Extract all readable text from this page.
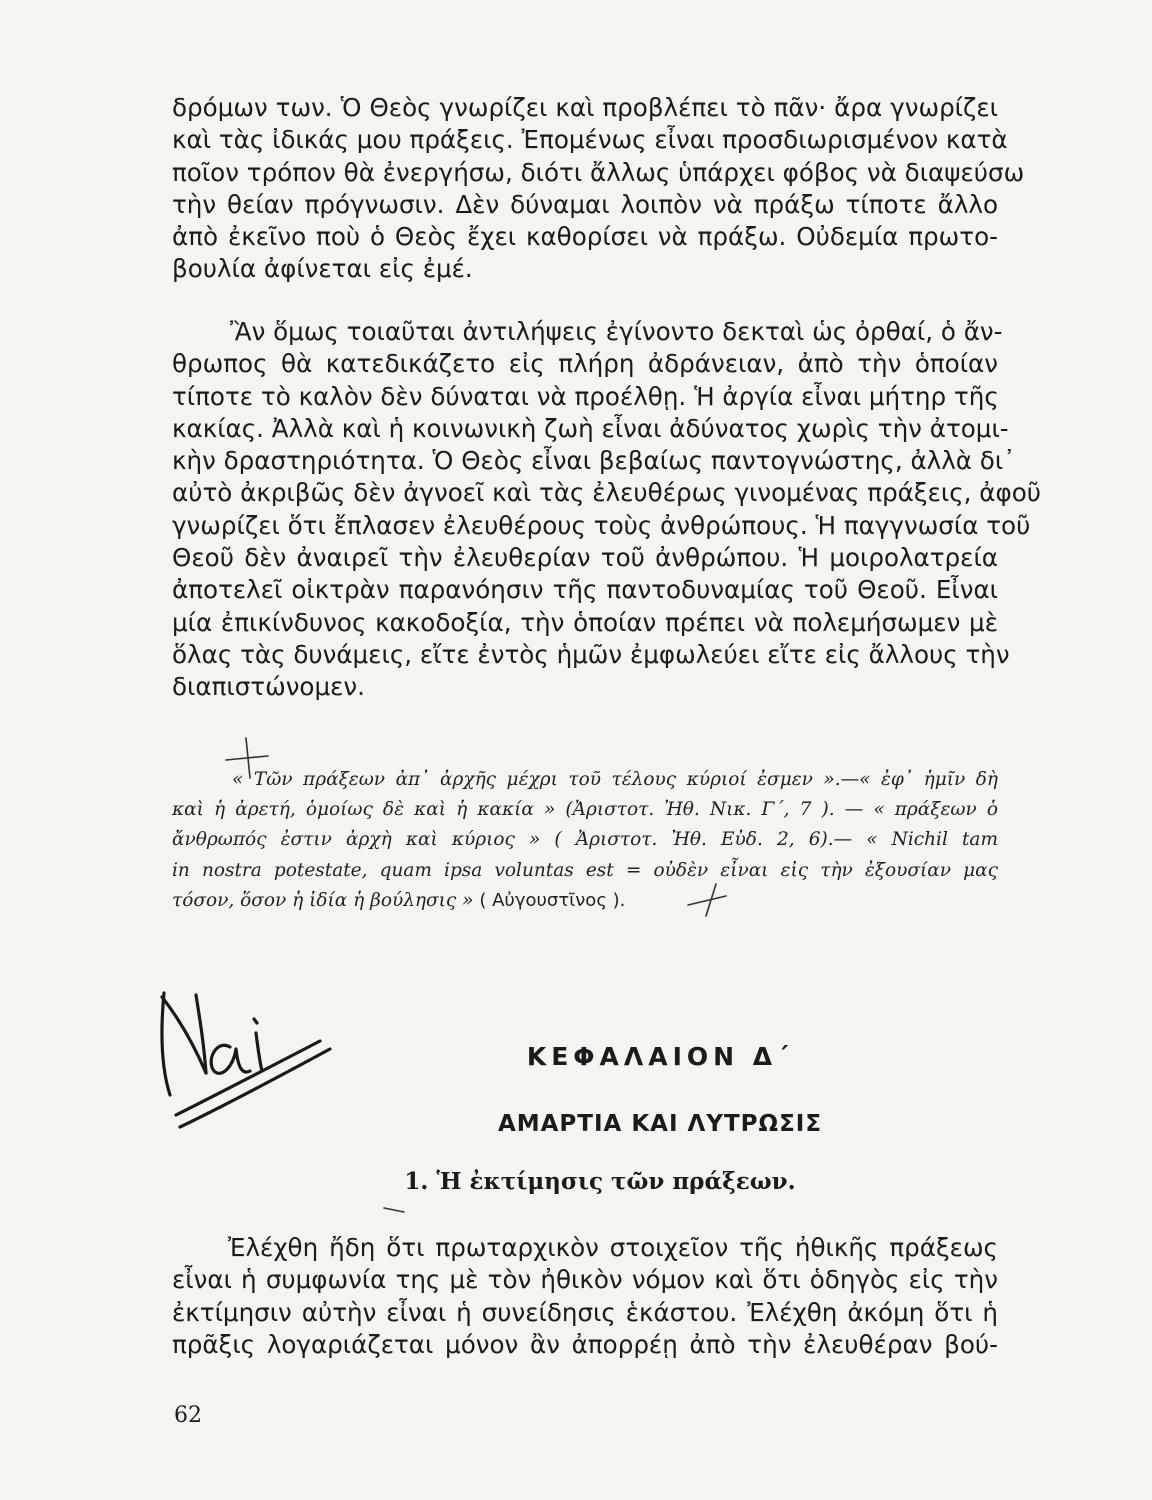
δρόμων των. Ὁ Θεὸς γνωρίζει καὶ προβλέπει τὸ πᾶν· ἄρα γνωρίζει
καὶ τὰς ἰδικάς μου πράξεις. Ἐπομένως εἶναι προσδιωρισμένον κατὰ
ποῖον τρόπον θὰ ἐνεργήσω, διότι ἄλλως ὑπάρχει φόβος νὰ διαψεύσω
τὴν θείαν πρόγνωσιν. Δὲν δύναμαι λοιπὸν νὰ πράξω τίποτε ἄλλο
ἀπὸ ἐκεῖνο ποὺ ὁ Θεὸς ἔχει καθορίσει νὰ πράξω. Οὐδεμία πρωτο-
βουλία ἀφίνεται εἰς ἐμέ.
Ἂν ὅμως τοιαῦται ἀντιλήψεις ἐγίνοντο δεκταὶ ὡς ὀρθαί, ὁ ἄν-
θρωπος θὰ κατεδικάζετο εἰς πλήρη ἀδράνειαν, ἀπὸ τὴν ὁποίαν
τίποτε τὸ καλὸν δὲν δύναται νὰ προέλθῃ. Ἡ ἀργία εἶναι μήτηρ τῆς
κακίας. Ἀλλὰ καὶ ἡ κοινωνικὴ ζωὴ εἶναι ἀδύνατος χωρὶς τὴν ἀτομι-
κὴν δραστηριότητα. Ὁ Θεὸς εἶναι βεβαίως παντογνώστης, ἀλλὰ δι᾽
αὐτὸ ἀκριβῶς δὲν ἀγνοεῖ καὶ τὰς ἐλευθέρως γινομένας πράξεις, ἀφοῦ
γνωρίζει ὅτι ἔπλασεν ἐλευθέρους τοὺς ἀνθρώπους. Ἡ παγγνωσία τοῦ
Θεοῦ δὲν ἀναιρεῖ τὴν ἐλευθερίαν τοῦ ἀνθρώπου. Ἡ μοιρολατρεία
ἀποτελεῖ οἰκτρὰν παρανόησιν τῆς παντοδυναμίας τοῦ Θεοῦ. Εἶναι
μία ἐπικίνδυνος κακοδοξία, τὴν ὁποίαν πρέπει νὰ πολεμήσωμεν μὲ
ὅλας τὰς δυνάμεις, εἴτε ἐντὸς ἡμῶν ἐμφωλεύει εἴτε εἰς ἄλλους τὴν
διαπιστώνομεν.
« Τῶν πράξεων ἀπ᾽ ἀρχῆς μέχρι τοῦ τέλους κύριοί ἐσμεν ».—« ἐφ᾽ ἡμῖν δὴ
καὶ ἡ ἀρετή, ὁμοίως δὲ καὶ ἡ κακία » (Ἀριστοτ. Ἠθ. Νικ. Γ΄, 7 ). — « πράξεων ὁ
ἄνθρωπός ἐστιν ἀρχὴ καὶ κύριος » ( Ἀριστοτ. Ἠθ. Εὐδ. 2, 6).— « Nichil tam
in nostra potestate, quam ipsa voluntas est = οὐδὲν εἶναι εἰς τὴν ἐξουσίαν μας
τόσον, ὅσον ἡ ἰδία ἡ βούλησις » ( Αὐγουστῖνος ).
ΚΕΦΑΛΑΙΟΝ Δ΄
ΑΜΑΡΤΙΑ ΚΑΙ ΛΥΤΡΩΣΙΣ
1. Ἡ ἐκτίμησις τῶν πράξεων.
Ἐλέχθη ἤδη ὅτι πρωταρχικὸν στοιχεῖον τῆς ἠθικῆς πράξεως
εἶναι ἡ συμφωνία της μὲ τὸν ἠθικὸν νόμον καὶ ὅτι ὁδηγὸς εἰς τὴν
ἐκτίμησιν αὐτὴν εἶναι ἡ συνείδησις ἑκάστου. Ἐλέχθη ἀκόμη ὅτι ἡ
πρᾶξις λογαριάζεται μόνον ἂν ἀπορρέῃ ἀπὸ τὴν ἐλευθέραν βού-
62
